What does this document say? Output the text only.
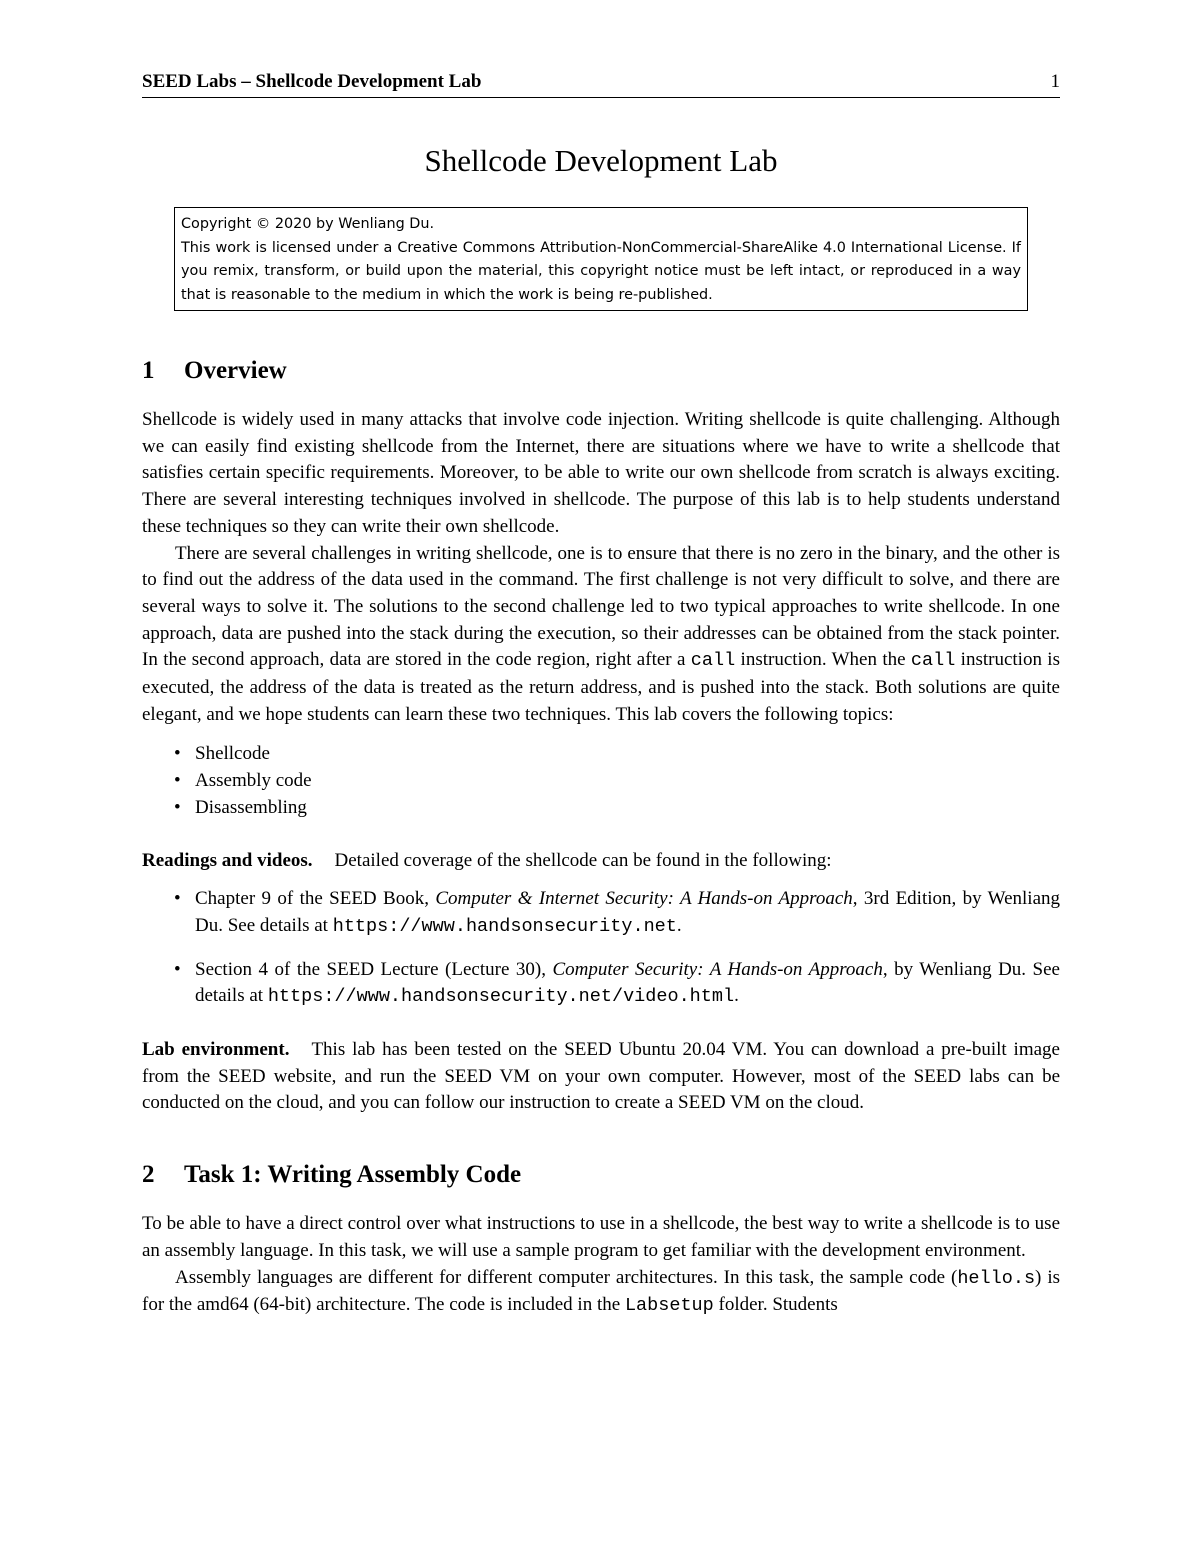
SEED Labs – Shellcode Development Lab	1
Shellcode Development Lab
Copyright © 2020 by Wenliang Du.
This work is licensed under a Creative Commons Attribution-NonCommercial-ShareAlike 4.0 International License. If you remix, transform, or build upon the material, this copyright notice must be left intact, or reproduced in a way that is reasonable to the medium in which the work is being re-published.
1	Overview

Shellcode is widely used in many attacks that involve code injection. Writing shellcode is quite challenging. Although we can easily find existing shellcode from the Internet, there are situations where we have to write a shellcode that satisfies certain specific requirements. Moreover, to be able to write our own shellcode from scratch is always exciting. There are several interesting techniques involved in shellcode. The purpose of this lab is to help students understand these techniques so they can write their own shellcode.

There are several challenges in writing shellcode, one is to ensure that there is no zero in the binary, and the other is to find out the address of the data used in the command. The first challenge is not very difficult to solve, and there are several ways to solve it. The solutions to the second challenge led to two typical approaches to write shellcode. In one approach, data are pushed into the stack during the execution, so their addresses can be obtained from the stack pointer. In the second approach, data are stored in the code region, right after a call instruction. When the call instruction is executed, the address of the data is treated as the return address, and is pushed into the stack. Both solutions are quite elegant, and we hope students can learn these two techniques. This lab covers the following topics:

• Shellcode
• Assembly code
• Disassembling

Readings and videos. Detailed coverage of the shellcode can be found in the following:

• Chapter 9 of the SEED Book, Computer & Internet Security: A Hands-on Approach, 3rd Edition, by Wenliang Du. See details at https://www.handsonsecurity.net.
• Section 4 of the SEED Lecture (Lecture 30), Computer Security: A Hands-on Approach, by Wenliang Du. See details at https://www.handsonsecurity.net/video.html.

Lab environment. This lab has been tested on the SEED Ubuntu 20.04 VM. You can download a pre-built image from the SEED website, and run the SEED VM on your own computer. However, most of the SEED labs can be conducted on the cloud, and you can follow our instruction to create a SEED VM on the cloud.

2	Task 1: Writing Assembly Code

To be able to have a direct control over what instructions to use in a shellcode, the best way to write a shellcode is to use an assembly language. In this task, we will use a sample program to get familiar with the development environment.

Assembly languages are different for different computer architectures. In this task, the sample code (hello.s) is for the amd64 (64-bit) architecture. The code is included in the Labsetup folder. Students
